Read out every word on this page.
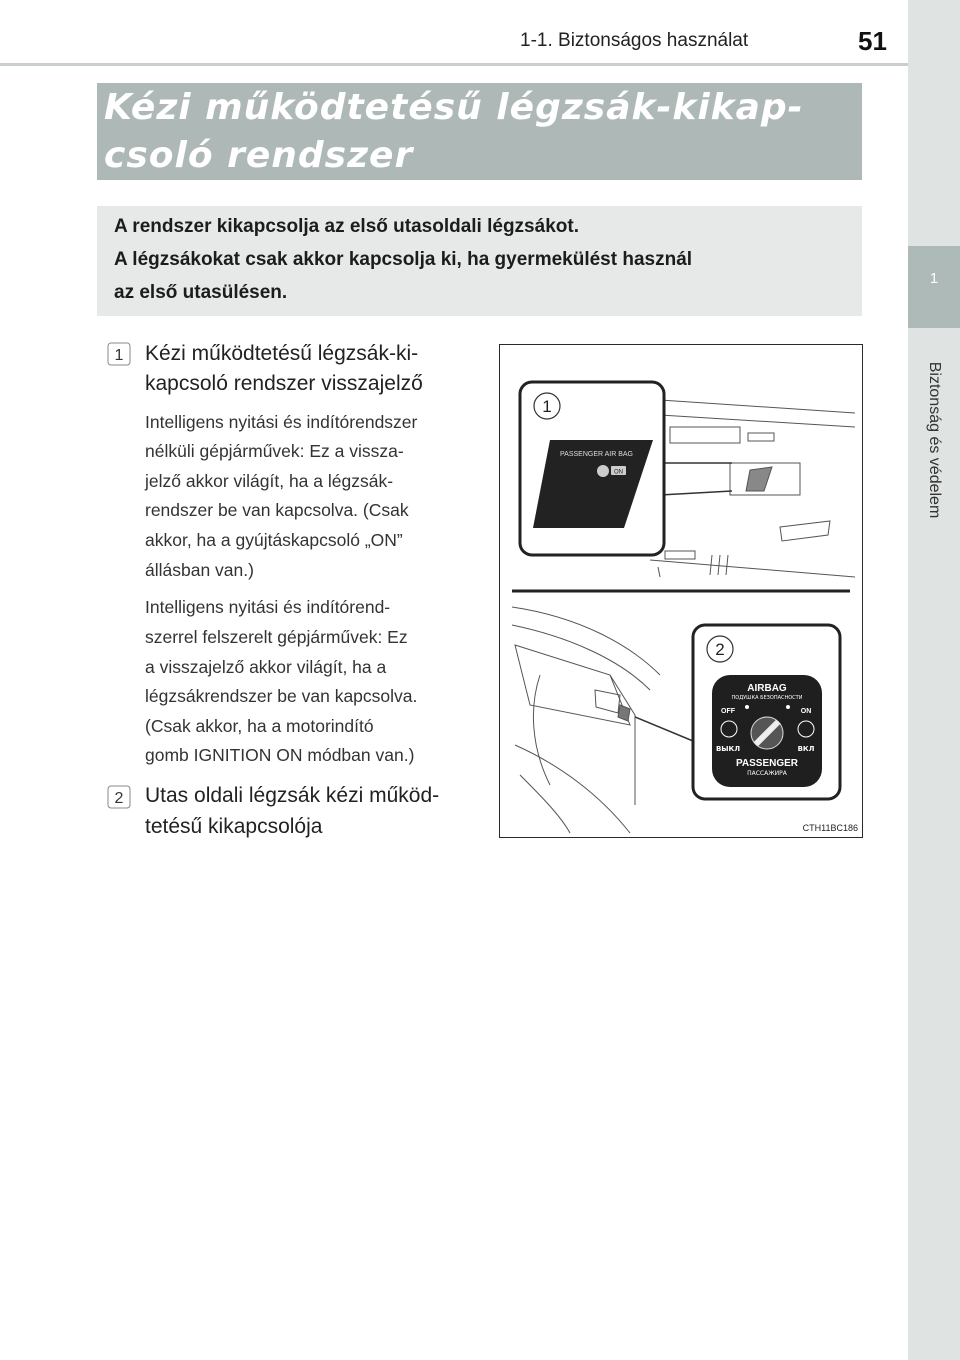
1-1. Biztonságos használat	51
1
Biztonság és védelem
Kézi működtetésű légzsák-kikap-
csoló rendszer

A rendszer kikapcsolja az első utasoldali légzsákot.

A légzsákokat csak akkor kapcsolja ki, ha gyermekülést használ

az első utasülésen.

1 Kézi működtetésű légzsák-ki-
kapcsoló rendszer visszajelző
Intelligens nyitási és indítórendszer
nélküli gépjárművek: Ez a vissza-
jelző akkor világít, ha a légzsák-
rendszer be van kapcsolva. (Csak
akkor, ha a gyújtáskapcsoló „ON”
állásban van.)
Intelligens nyitási és indítórend-
szerrel felszerelt gépjárművek: Ez
a visszajelző akkor világít, ha a
légzsákrendszer be van kapcsolva.
(Csak akkor, ha a motorindító
gomb IGNITION ON módban van.)
2 Utas oldali légzsák kézi működ-
tetésű kikapcsolója
1
PASSENGER AIR BAG
ON
2
AIRBAG
ПОДУШКА БЕЗОПАСНОСТИ
OFF	ON
ВЫКЛ	ВКЛ
PASSENGER
ПАССАЖИРА
CTH11BC186
